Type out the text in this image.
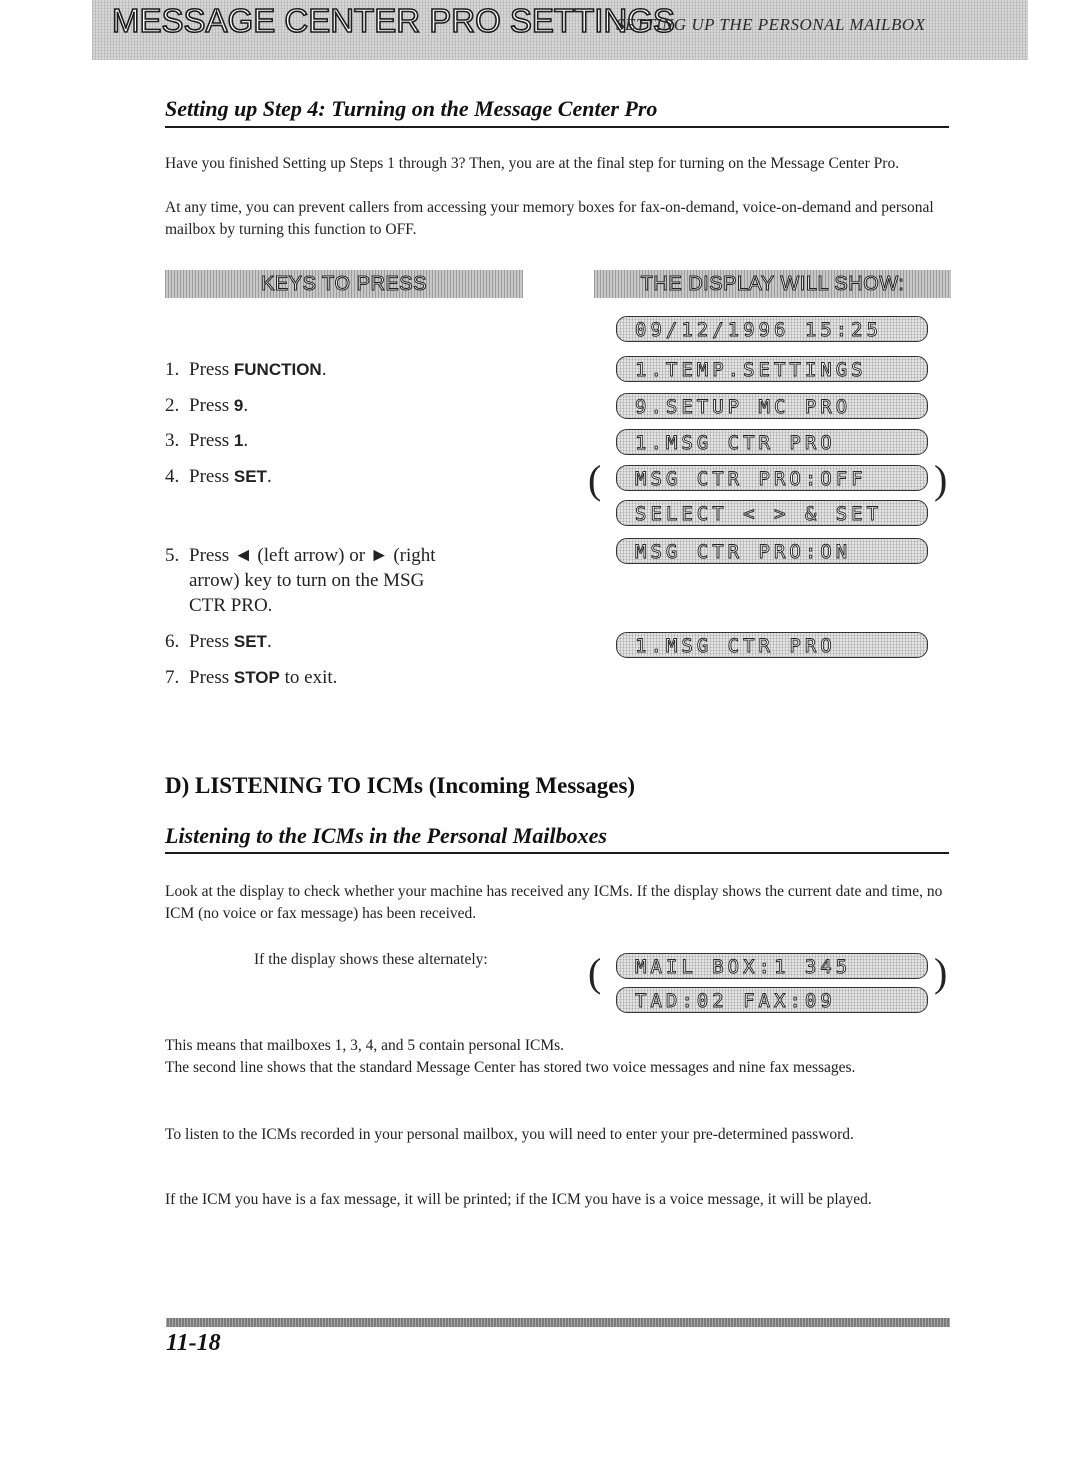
MESSAGE CENTER PRO SETTINGS
SETTING UP THE PERSONAL MAILBOX
Setting up Step 4: Turning on the Message Center Pro
Have you finished Setting up Steps 1 through 3? Then, you are at the final step for turning on the Message Center Pro.
At any time, you can prevent callers from accessing your memory boxes for fax-on-demand, voice-on-demand and personal mailbox by turning this function to OFF.
KEYS TO PRESS	THE DISPLAY WILL SHOW:
1. Press FUNCTION.
2. Press 9.
3. Press 1.
4. Press SET.
5. Press ◄ (left arrow) or ► (right
arrow) key to turn on the MSG
CTR PRO.
6. Press SET.
7. Press STOP to exit.
09/12/1996 15:25
1.TEMP.SETTINGS
9.SETUP MC PRO
1.MSG CTR PRO
(	MSG CTR PRO:OFF
SELECT < > & SET
)
MSG CTR PRO:ON
1.MSG CTR PRO
D) LISTENING TO ICMs (Incoming Messages)
Listening to the ICMs in the Personal Mailboxes
Look at the display to check whether your machine has received any ICMs. If the display shows the current date and time, no ICM (no voice or fax message) has been received.
If the display shows these alternately:	(	MAIL BOX:1 345
TAD:02 FAX:09
)
This means that mailboxes 1, 3, 4, and 5 contain personal ICMs.
The second line shows that the standard Message Center has stored two voice messages and nine fax messages.
To listen to the ICMs recorded in your personal mailbox, you will need to enter your pre-determined password.
If the ICM you have is a fax message, it will be printed; if the ICM you have is a voice message, it will be played.
11-18
